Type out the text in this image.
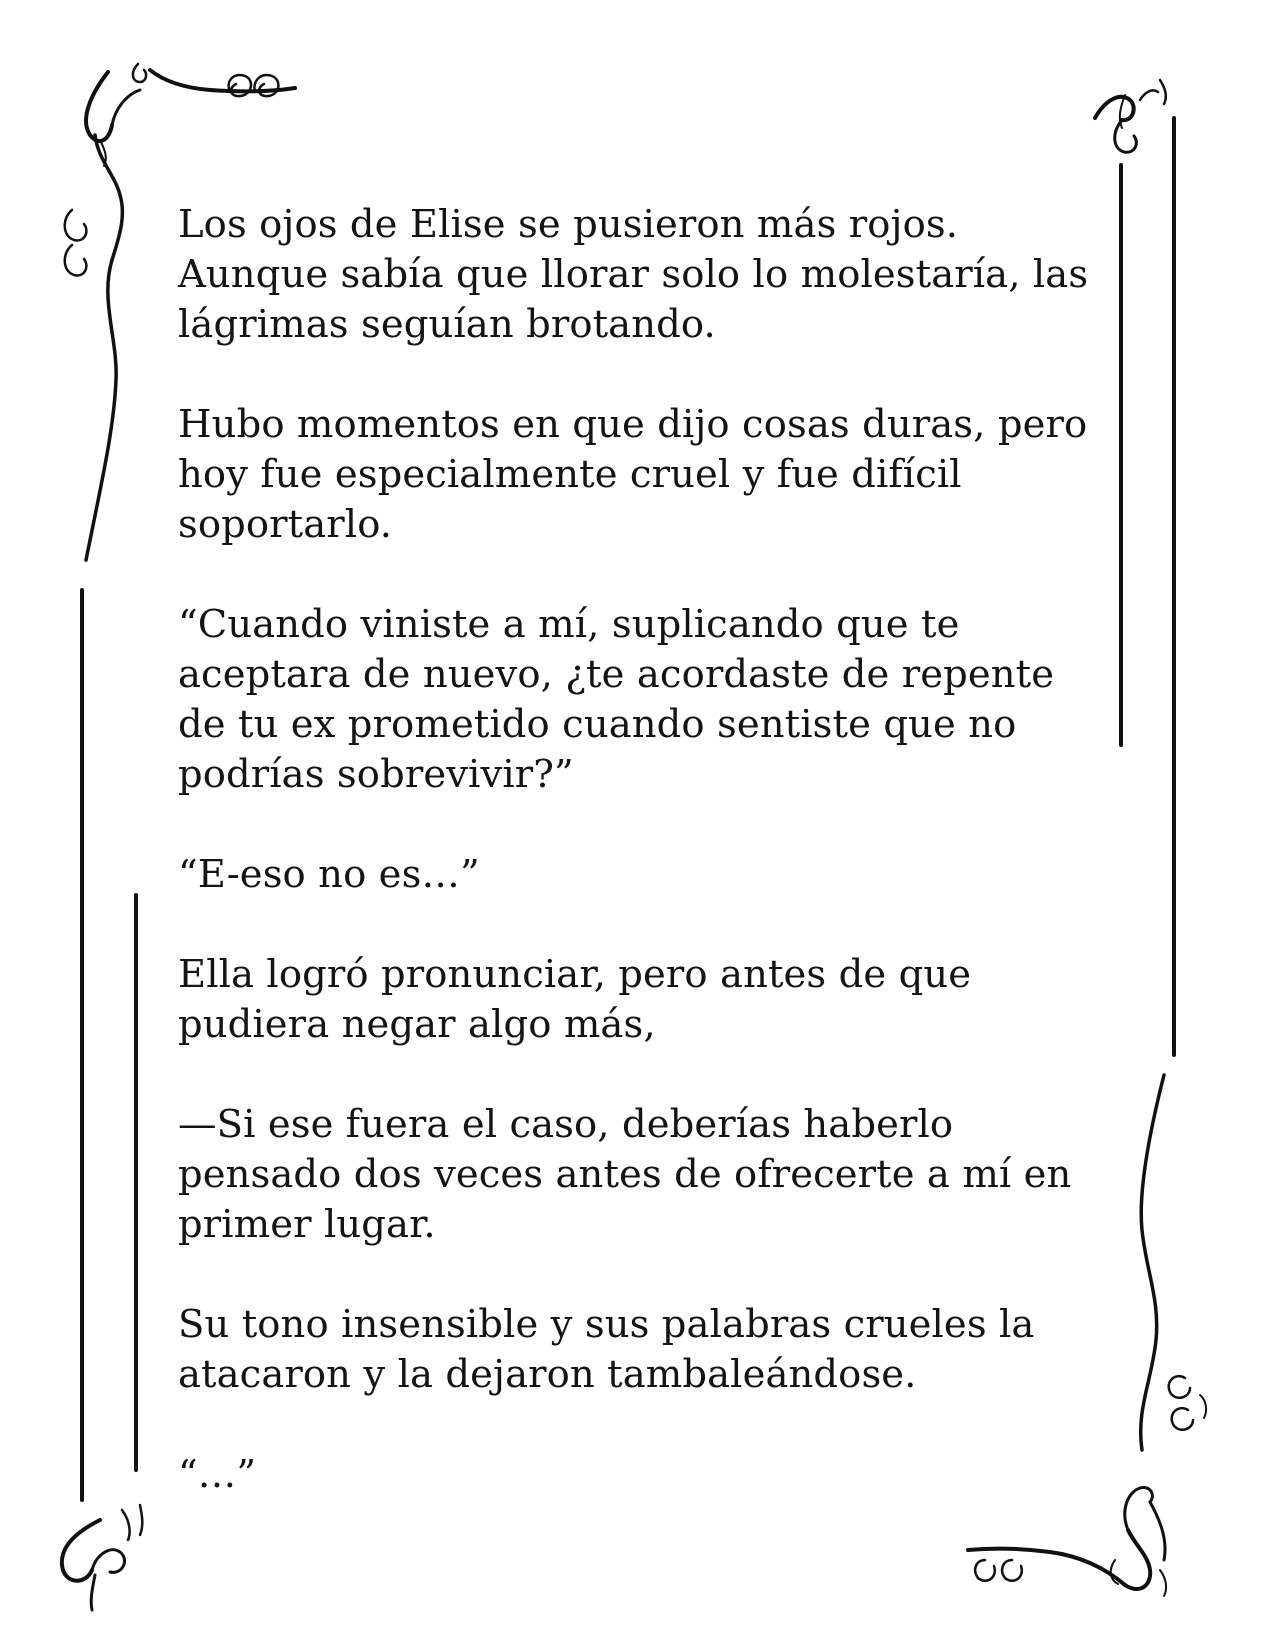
Los ojos de Elise se pusieron más rojos. Aunque sabía que llorar solo lo molestaría, las lágrimas seguían brotando.

Hubo momentos en que dijo cosas duras, pero hoy fue especialmente cruel y fue difícil soportarlo.

“Cuando viniste a mí, suplicando que te aceptara de nuevo, ¿te acordaste de repente de tu ex prometido cuando sentiste que no podrías sobrevivir?”

“E-eso no es…”

Ella logró pronunciar, pero antes de que pudiera negar algo más,

—Si ese fuera el caso, deberías haberlo pensado dos veces antes de ofrecerte a mí en primer lugar.

Su tono insensible y sus palabras crueles la atacaron y la dejaron tambaleándose.

“…”
